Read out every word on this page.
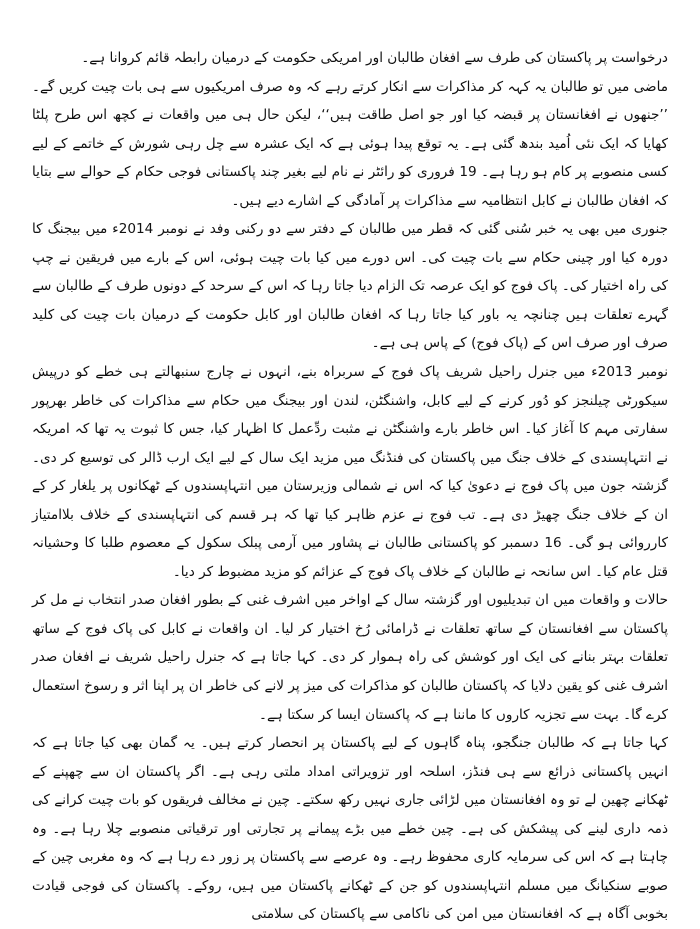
درخواست پر پاکستان کی طرف سے افغان طالبان اور امریکی حکومت کے درمیان رابطہ قائم کروانا ہے۔

ماضی میں تو طالبان یہ کہہ کر مذاکرات سے انکار کرتے رہے کہ وہ صرف امریکیوں سے ہی بات چیت کریں گے۔ ’’جنھوں نے افغانستان پر قبضہ کیا اور جو اصل طاقت ہیں‘‘، لیکن حال ہی میں واقعات نے کچھ اس طرح پلٹا کھایا کہ ایک نئی اُمید بندھ گئی ہے۔ یہ توقع پیدا ہوئی ہے کہ ایک عشرہ سے چل رہی شورش کے خاتمے کے لیے کسی منصوبے پر کام ہو رہا ہے۔ 19 فروری کو رائٹر نے نام لیے بغیر چند پاکستانی فوجی حکام کے حوالے سے بتایا کہ افغان طالبان نے کابل انتظامیہ سے مذاکرات پر آمادگی کے اشارے دیے ہیں۔

جنوری میں بھی یہ خبر سُنی گئی کہ قطر میں طالبان کے دفتر سے دو رکنی وفد نے نومبر 2014ء میں بیجنگ کا دورہ کیا اور چینی حکام سے بات چیت کی۔ اس دورے میں کیا بات چیت ہوئی، اس کے بارے میں فریقین نے چپ کی راہ اختیار کی۔ پاک فوج کو ایک عرصہ تک الزام دیا جاتا رہا کہ اس کے سرحد کے دونوں طرف کے طالبان سے گہرے تعلقات ہیں چنانچہ یہ باور کیا جاتا رہا کہ افغان طالبان اور کابل حکومت کے درمیان بات چیت کی کلید صرف اور صرف اس کے (پاک فوج) کے پاس ہی ہے۔

نومبر 2013ء میں جنرل راحیل شریف پاک فوج کے سربراہ بنے، انہوں نے چارج سنبھالتے ہی خطے کو درپیش سیکورٹی چیلنجز کو دُور کرنے کے لیے کابل، واشنگٹن، لندن اور بیجنگ میں حکام سے مذاکرات کی خاطر بھرپور سفارتی مہم کا آغاز کیا۔ اس خاطر بارے واشنگٹن نے مثبت ردِّعمل کا اظہار کیا، جس کا ثبوت یہ تھا کہ امریکہ نے انتہاپسندی کے خلاف جنگ میں پاکستان کی فنڈنگ میں مزید ایک سال کے لیے ایک ارب ڈالر کی توسیع کر دی۔ گزشتہ جون میں پاک فوج نے دعویٰ کیا کہ اس نے شمالی وزیرستان میں انتہاپسندوں کے ٹھکانوں پر یلغار کر کے ان کے خلاف جنگ چھیڑ دی ہے۔ تب فوج نے عزم ظاہر کیا تھا کہ ہر قسم کی انتہاپسندی کے خلاف بلاامتیاز کارروائی ہو گی۔ 16 دسمبر کو پاکستانی طالبان نے پشاور میں آرمی پبلک سکول کے معصوم طلبا کا وحشیانہ قتل عام کیا۔ اس سانحہ نے طالبان کے خلاف پاک فوج کے عزائم کو مزید مضبوط کر دیا۔

حالات و واقعات میں ان تبدیلیوں اور گزشتہ سال کے اواخر میں اشرف غنی کے بطور افغان صدر انتخاب نے مل کر پاکستان سے افغانستان کے ساتھ تعلقات نے ڈرامائی رُخ اختیار کر لیا۔ ان واقعات نے کابل کی پاک فوج کے ساتھ تعلقات بہتر بنانے کی ایک اور کوشش کی راہ ہموار کر دی۔ کہا جاتا ہے کہ جنرل راحیل شریف نے افغان صدر اشرف غنی کو یقین دلایا کہ پاکستان طالبان کو مذاکرات کی میز پر لانے کی خاطر ان پر اپنا اثر و رسوخ استعمال کرے گا۔ بہت سے تجزیہ کاروں کا ماننا ہے کہ پاکستان ایسا کر سکتا ہے۔

کہا جاتا ہے کہ طالبان جنگجو، پناہ گاہوں کے لیے پاکستان پر انحصار کرتے ہیں۔ یہ گمان بھی کیا جاتا ہے کہ انہیں پاکستانی ذرائع سے ہی فنڈز، اسلحہ اور تزویراتی امداد ملتی رہی ہے۔ اگر پاکستان ان سے چھپنے کے ٹھکانے چھین لے تو وہ افغانستان میں لڑائی جاری نہیں رکھ سکتے۔ چین نے مخالف فریقوں کو بات چیت کرانے کی ذمہ داری لینے کی پیشکش کی ہے۔ چین خطے میں بڑے پیمانے پر تجارتی اور ترقیاتی منصوبے چلا رہا ہے۔ وہ چاہتا ہے کہ اس کی سرمایہ کاری محفوظ رہے۔ وہ عرصے سے پاکستان پر زور دے رہا ہے کہ وہ مغربی چین کے صوبے سنکیانگ میں مسلم انتہاپسندوں کو جن کے ٹھکانے پاکستان میں ہیں، روکے۔ پاکستان کی فوجی قیادت بخوبی آگاہ ہے کہ افغانستان میں امن کی ناکامی سے پاکستان کی سلامتی
